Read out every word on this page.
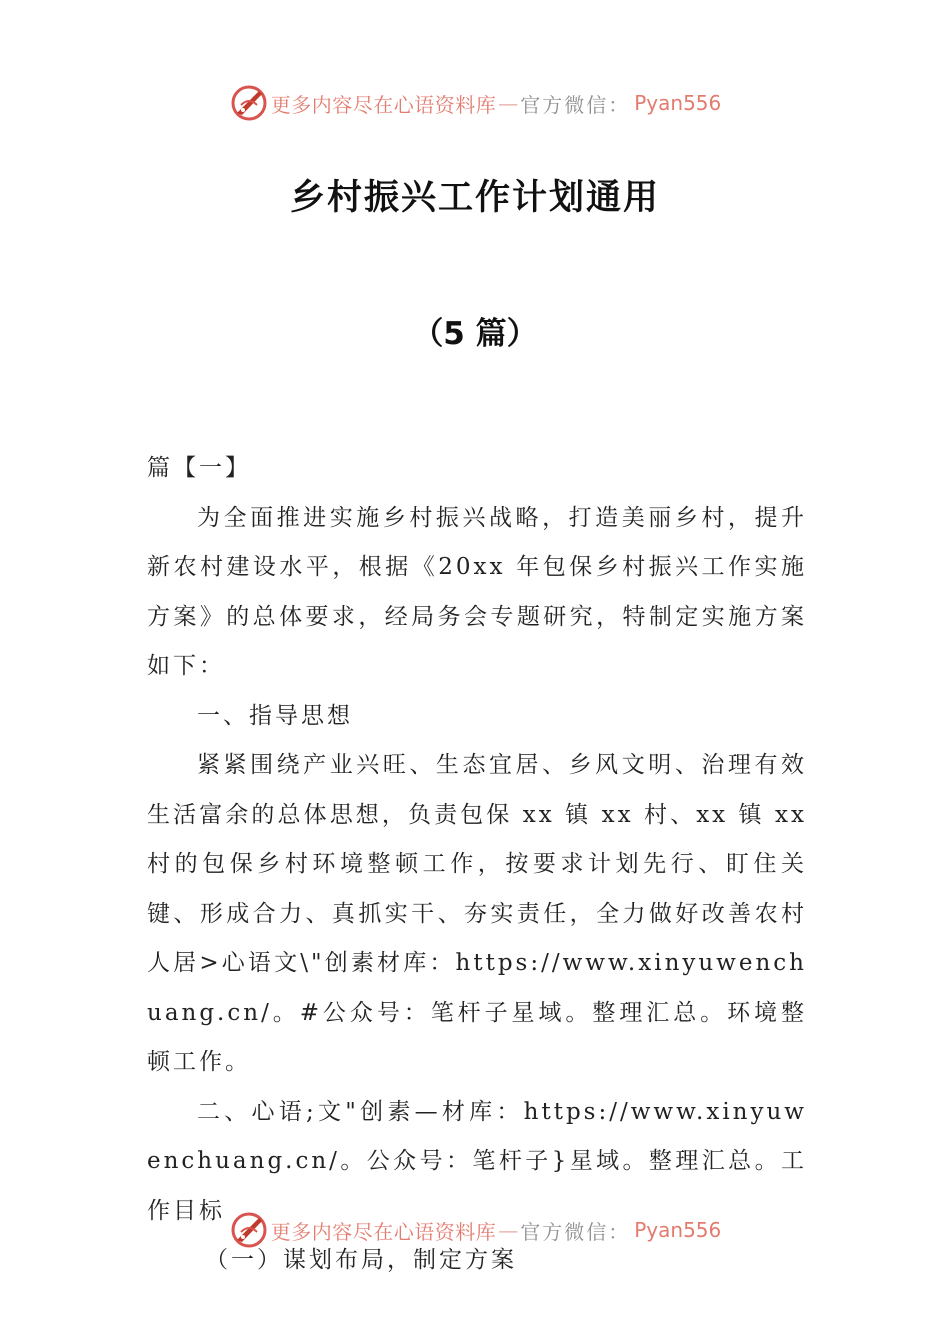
更多内容尽在心语资料库 — 官方微信： Pyan556
乡村振兴工作计划通用
（5 篇）

篇【一】

为全面推进实施乡村振兴战略，打造美丽乡村，提升新农村建设水平，根据《20xx 年包保乡村振兴工作实施方案》的总体要求，经局务会专题研究，特制定实施方案如下：

一、指导思想

紧紧围绕产业兴旺、生态宜居、乡风文明、治理有效生活富余的总体思想，负责包保 xx 镇 xx 村、xx 镇 xx 村的包保乡村环境整顿工作，按要求计划先行、盯住关键、形成合力、真抓实干、夯实责任，全力做好改善农村人居>心语文\"创素材库：https://www.xinyuwenchuang.cn/。#公众号：笔杆子星域。整理汇总。环境整顿工作。

二、心语;文"创素—材库：https://www.xinyuwenchuang.cn/。公众号：笔杆子}星域。整理汇总。工作目标

（一）谋划布局，制定方案

更多内容尽在心语资料库 — 官方微信： Pyan556
